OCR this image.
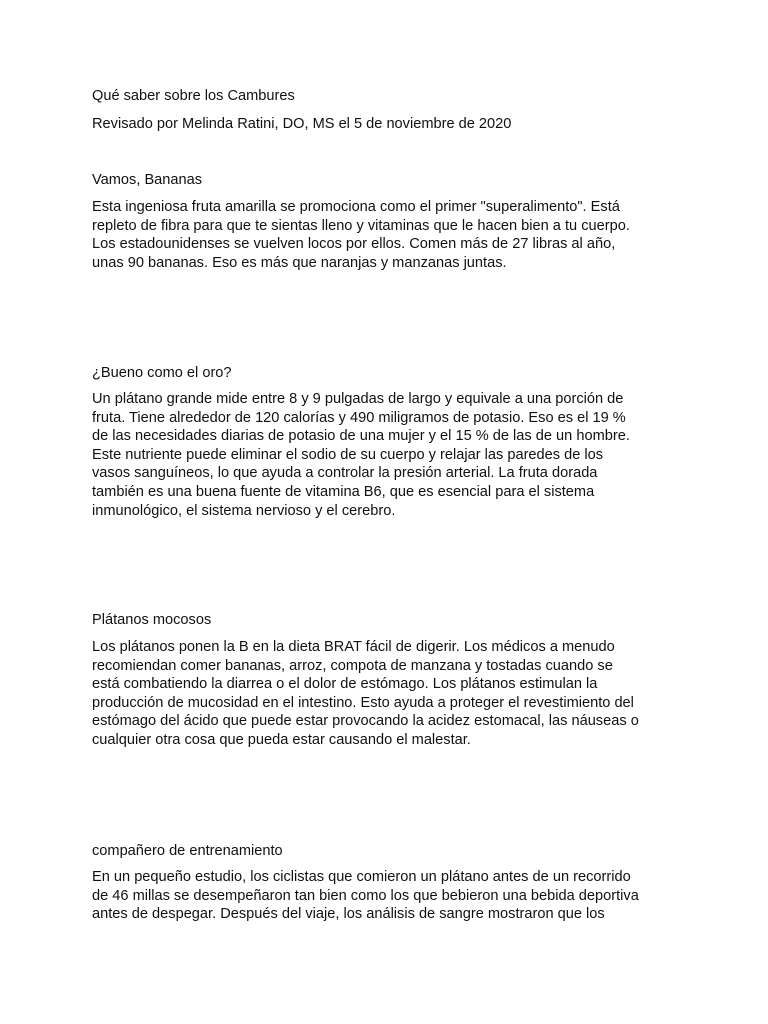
Qué saber sobre los Cambures

Revisado por Melinda Ratini, DO, MS el 5 de noviembre de 2020

Vamos, Bananas

Esta ingeniosa fruta amarilla se promociona como el primer "superalimento". Está
repleto de fibra para que te sientas lleno y vitaminas que le hacen bien a tu cuerpo.
Los estadounidenses se vuelven locos por ellos. Comen más de 27 libras al año,
unas 90 bananas. Eso es más que naranjas y manzanas juntas.

¿Bueno como el oro?

Un plátano grande mide entre 8 y 9 pulgadas de largo y equivale a una porción de
fruta. Tiene alrededor de 120 calorías y 490 miligramos de potasio. Eso es el 19 %
de las necesidades diarias de potasio de una mujer y el 15 % de las de un hombre.
Este nutriente puede eliminar el sodio de su cuerpo y relajar las paredes de los
vasos sanguíneos, lo que ayuda a controlar la presión arterial. La fruta dorada
también es una buena fuente de vitamina B6, que es esencial para el sistema
inmunológico, el sistema nervioso y el cerebro.

Plátanos mocosos

Los plátanos ponen la B en la dieta BRAT fácil de digerir. Los médicos a menudo
recomiendan comer bananas, arroz, compota de manzana y tostadas cuando se
está combatiendo la diarrea o el dolor de estómago. Los plátanos estimulan la
producción de mucosidad en el intestino. Esto ayuda a proteger el revestimiento del
estómago del ácido que puede estar provocando la acidez estomacal, las náuseas o
cualquier otra cosa que pueda estar causando el malestar.

compañero de entrenamiento

En un pequeño estudio, los ciclistas que comieron un plátano antes de un recorrido
de 46 millas se desempeñaron tan bien como los que bebieron una bebida deportiva
antes de despegar. Después del viaje, los análisis de sangre mostraron que los
